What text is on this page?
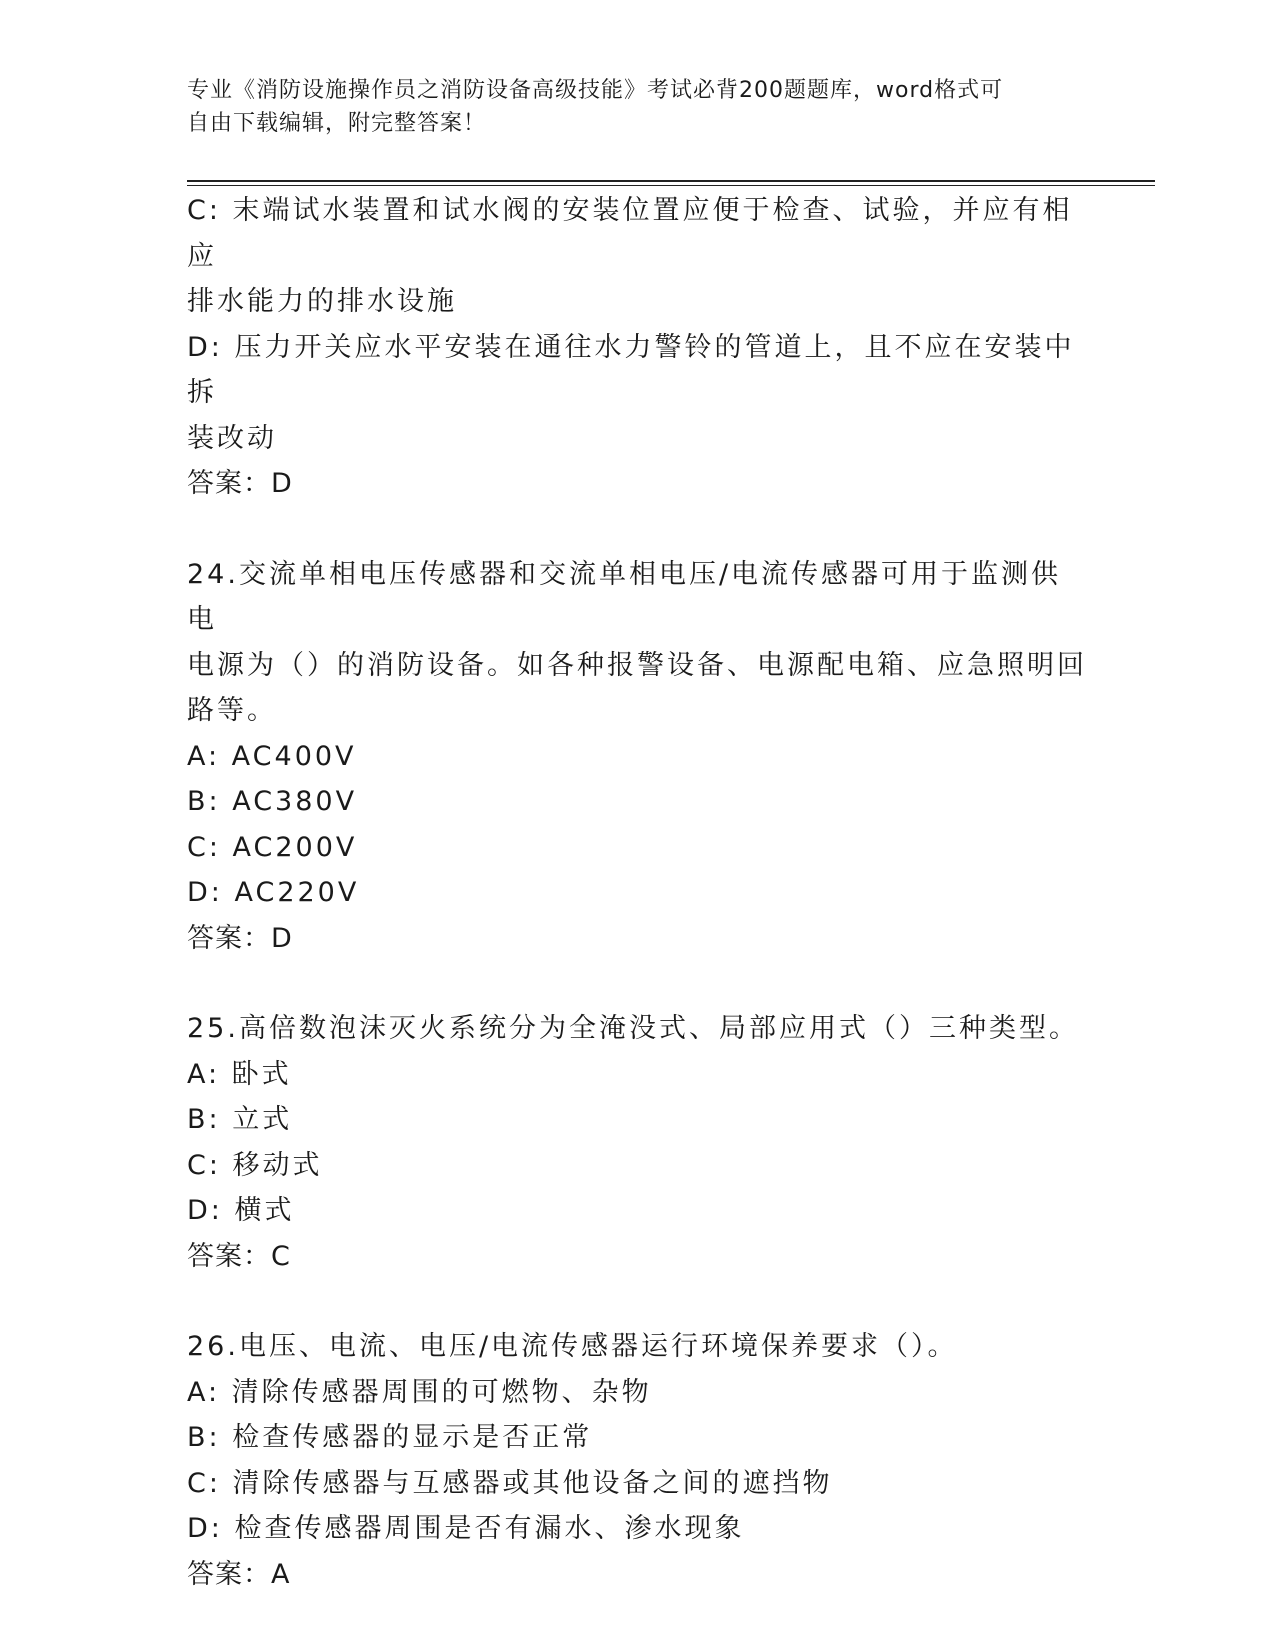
专业《消防设施操作员之消防设备高级技能》考试必背200题题库，word格式可
自由下载编辑，附完整答案！

C: 末端试水装置和试水阀的安装位置应便于检查、试验，并应有相应

排水能力的排水设施

D: 压力开关应水平安装在通往水力警铃的管道上，且不应在安装中拆

装改动

答案：D

24.交流单相电压传感器和交流单相电压/电流传感器可用于监测供电

电源为（）的消防设备。如各种报警设备、电源配电箱、应急照明回

路等。

A: AC400V

B: AC380V

C: AC200V

D: AC220V

答案：D

25.高倍数泡沫灭火系统分为全淹没式、局部应用式（）三种类型。

A: 卧式

B: 立式

C: 移动式

D: 横式

答案：C

26.电压、电流、电压/电流传感器运行环境保养要求（）。

A: 清除传感器周围的可燃物、杂物

B: 检查传感器的显示是否正常

C: 清除传感器与互感器或其他设备之间的遮挡物

D: 检查传感器周围是否有漏水、渗水现象

答案：A
